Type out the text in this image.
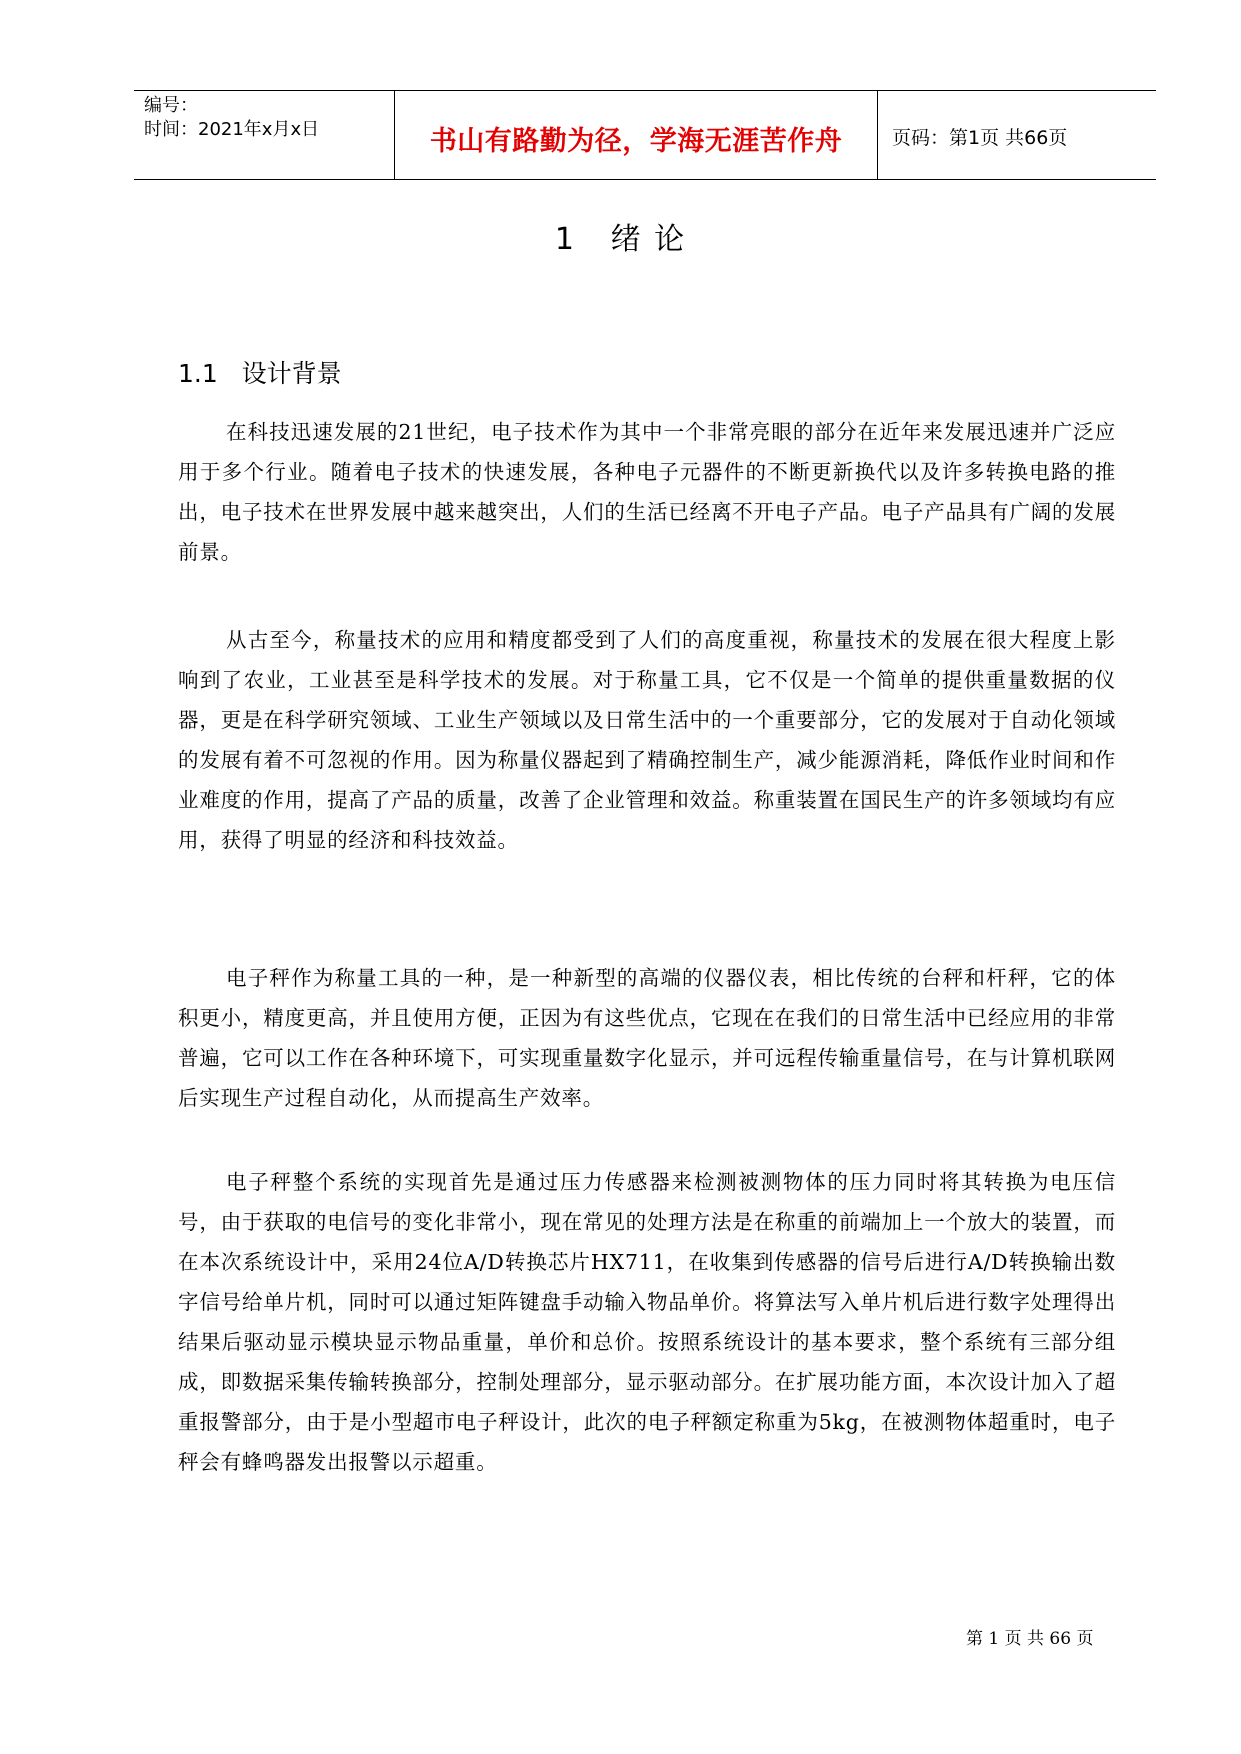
编号：
时间：2021年x月x日	书山有路勤为径，学海无涯苦作舟	页码：第1页 共66页
1   绪 论
1.1   设计背景
在科技迅速发展的21世纪，电子技术作为其中一个非常亮眼的部分在近年来发展迅速并广泛应用于多个行业。随着电子技术的快速发展，各种电子元器件的不断更新换代以及许多转换电路的推出，电子技术在世界发展中越来越突出，人们的生活已经离不开电子产品。电子产品具有广阔的发展前景。
从古至今，称量技术的应用和精度都受到了人们的高度重视，称量技术的发展在很大程度上影响到了农业，工业甚至是科学技术的发展。对于称量工具，它不仅是一个简单的提供重量数据的仪器，更是在科学研究领域、工业生产领域以及日常生活中的一个重要部分，它的发展对于自动化领域的发展有着不可忽视的作用。因为称量仪器起到了精确控制生产，减少能源消耗，降低作业时间和作业难度的作用，提高了产品的质量，改善了企业管理和效益。称重装置在国民生产的许多领域均有应用，获得了明显的经济和科技效益。
电子秤作为称量工具的一种，是一种新型的高端的仪器仪表，相比传统的台秤和杆秤，它的体积更小，精度更高，并且使用方便，正因为有这些优点，它现在在我们的日常生活中已经应用的非常普遍，它可以工作在各种环境下，可实现重量数字化显示，并可远程传输重量信号，在与计算机联网后实现生产过程自动化，从而提高生产效率。
电子秤整个系统的实现首先是通过压力传感器来检测被测物体的压力同时将其转换为电压信号，由于获取的电信号的变化非常小，现在常见的处理方法是在称重的前端加上一个放大的装置，而在本次系统设计中，采用24位A/D转换芯片HX711，在收集到传感器的信号后进行A/D转换输出数字信号给单片机，同时可以通过矩阵键盘手动输入物品单价。将算法写入单片机后进行数字处理得出结果后驱动显示模块显示物品重量，单价和总价。按照系统设计的基本要求，整个系统有三部分组成，即数据采集传输转换部分，控制处理部分，显示驱动部分。在扩展功能方面，本次设计加入了超重报警部分，由于是小型超市电子秤设计，此次的电子秤额定称重为5kg，在被测物体超重时，电子秤会有蜂鸣器发出报警以示超重。
第 1 页 共 66 页
